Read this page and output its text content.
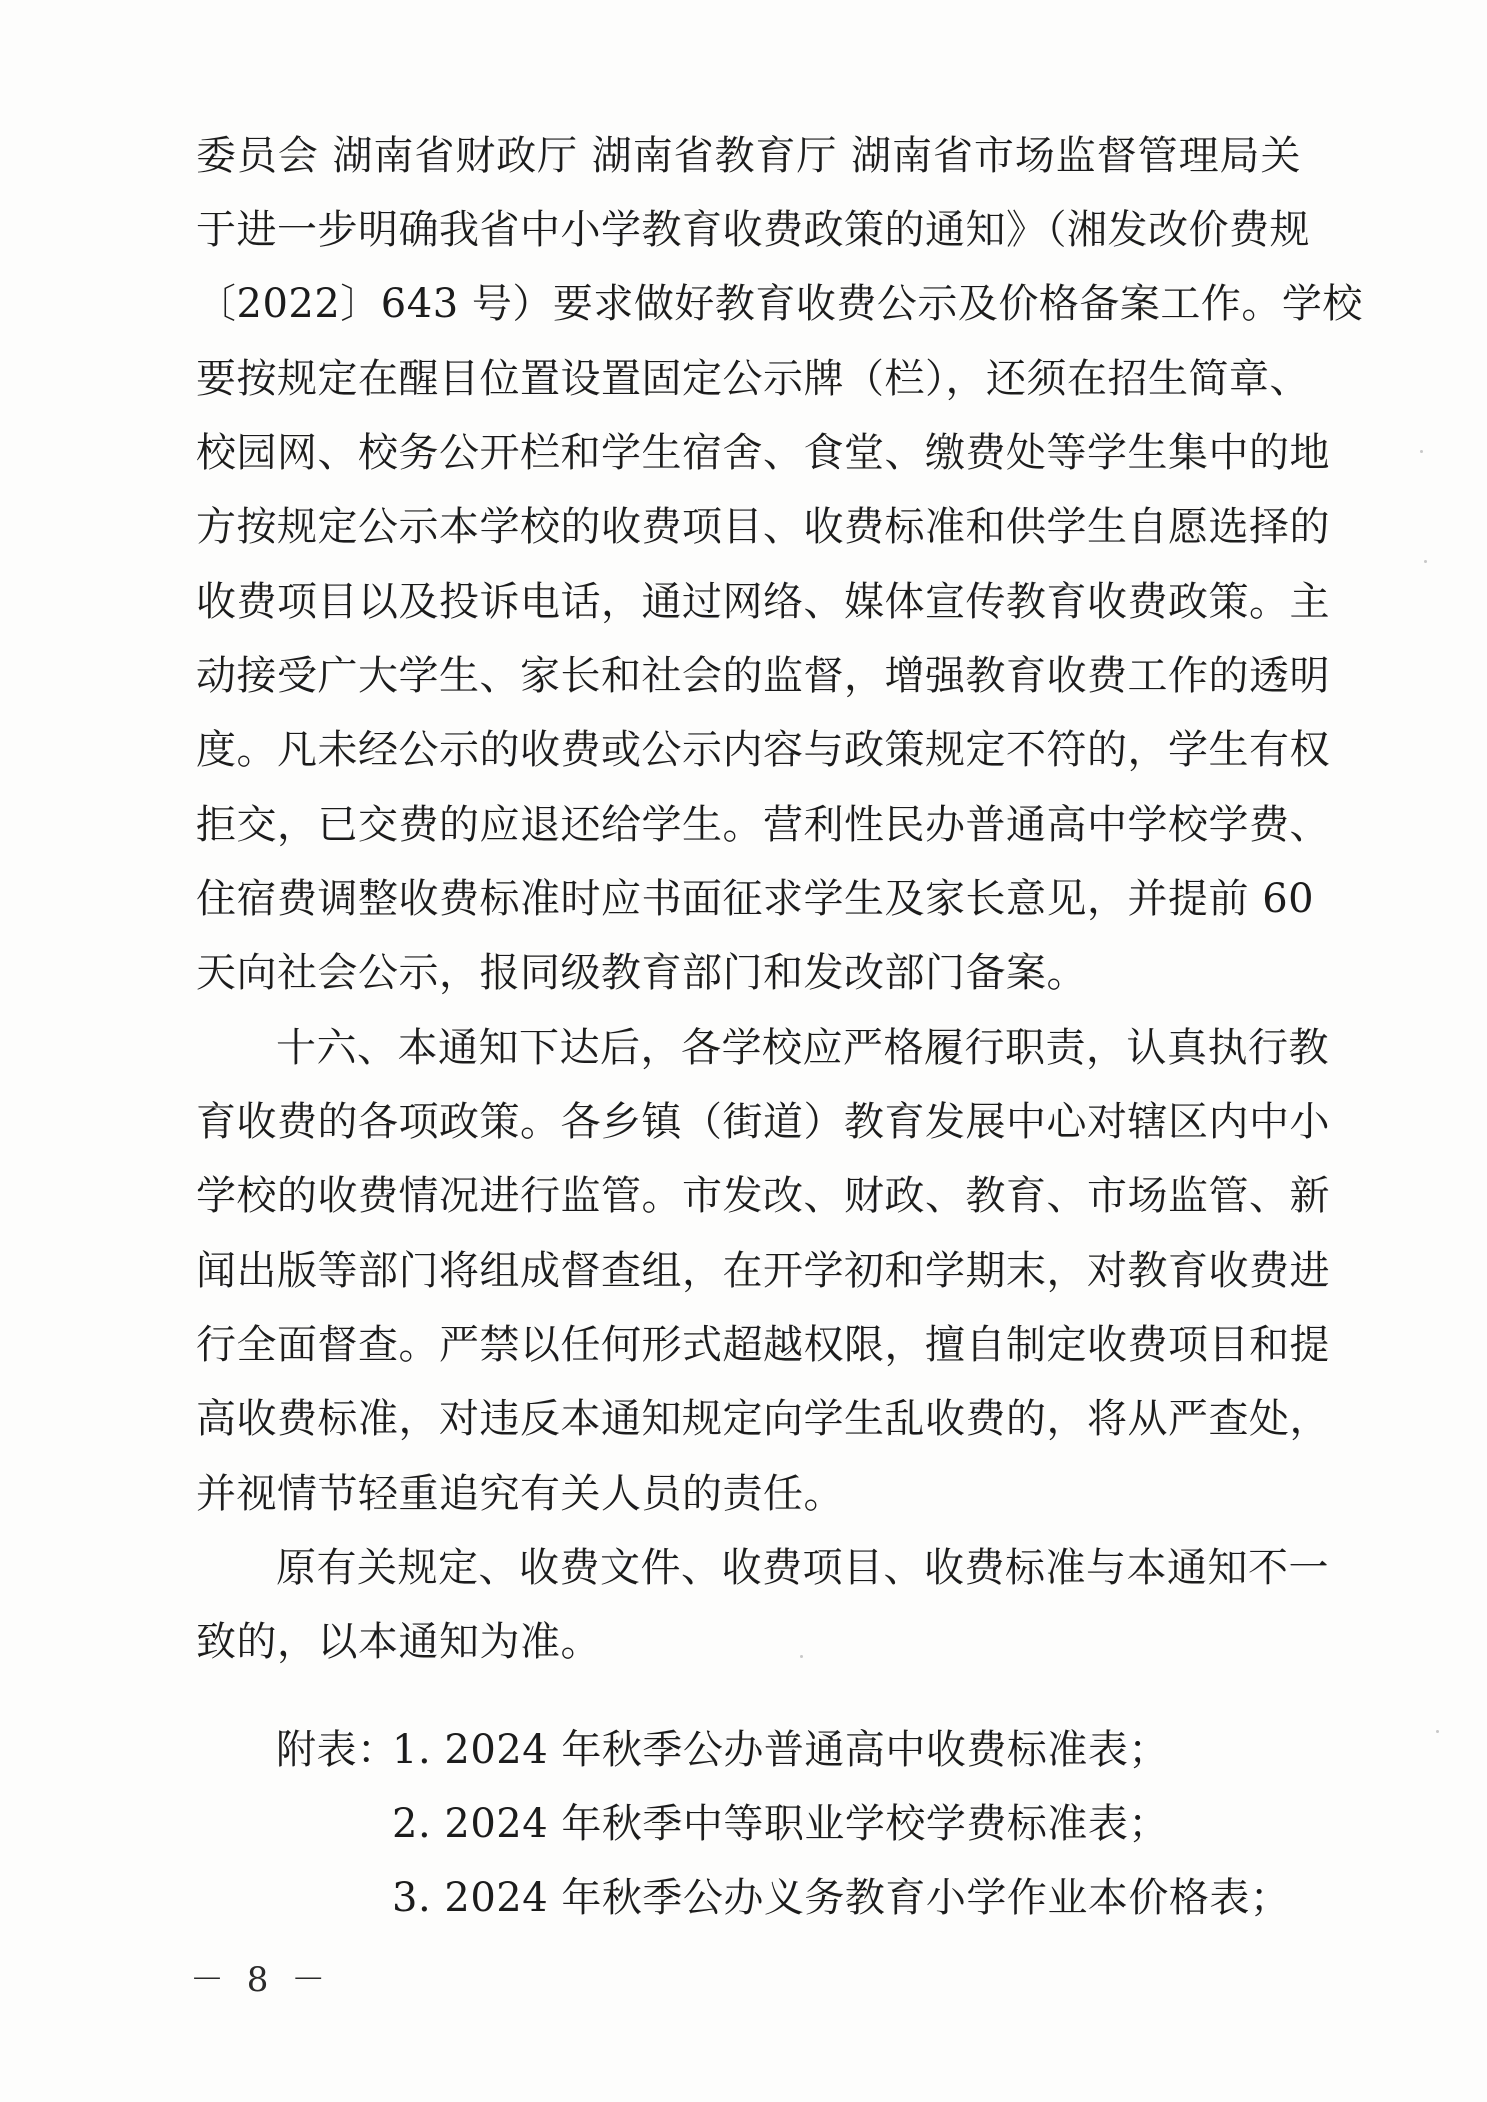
委员会 湖南省财政厅 湖南省教育厅 湖南省市场监督管理局关
于进一步明确我省中小学教育收费政策的通知》（湘发改价费规
〔2022〕643 号）要求做好教育收费公示及价格备案工作。学校
要按规定在醒目位置设置固定公示牌（栏），还须在招生简章、
校园网、校务公开栏和学生宿舍、食堂、缴费处等学生集中的地
方按规定公示本学校的收费项目、收费标准和供学生自愿选择的
收费项目以及投诉电话，通过网络、媒体宣传教育收费政策。主
动接受广大学生、家长和社会的监督，增强教育收费工作的透明
度。凡未经公示的收费或公示内容与政策规定不符的，学生有权
拒交，已交费的应退还给学生。营利性民办普通高中学校学费、
住宿费调整收费标准时应书面征求学生及家长意见，并提前 60
天向社会公示，报同级教育部门和发改部门备案。
十六、本通知下达后，各学校应严格履行职责，认真执行教
育收费的各项政策。各乡镇（街道）教育发展中心对辖区内中小
学校的收费情况进行监管。市发改、财政、教育、市场监管、新
闻出版等部门将组成督查组，在开学初和学期末，对教育收费进
行全面督查。严禁以任何形式超越权限，擅自制定收费项目和提
高收费标准，对违反本通知规定向学生乱收费的，将从严查处，
并视情节轻重追究有关人员的责任。
原有关规定、收费文件、收费项目、收费标准与本通知不一
致的，以本通知为准。
附表：
1. 2024 年秋季公办普通高中收费标准表；
2. 2024 年秋季中等职业学校学费标准表；
3. 2024 年秋季公办义务教育小学作业本价格表；
－ 8 －
